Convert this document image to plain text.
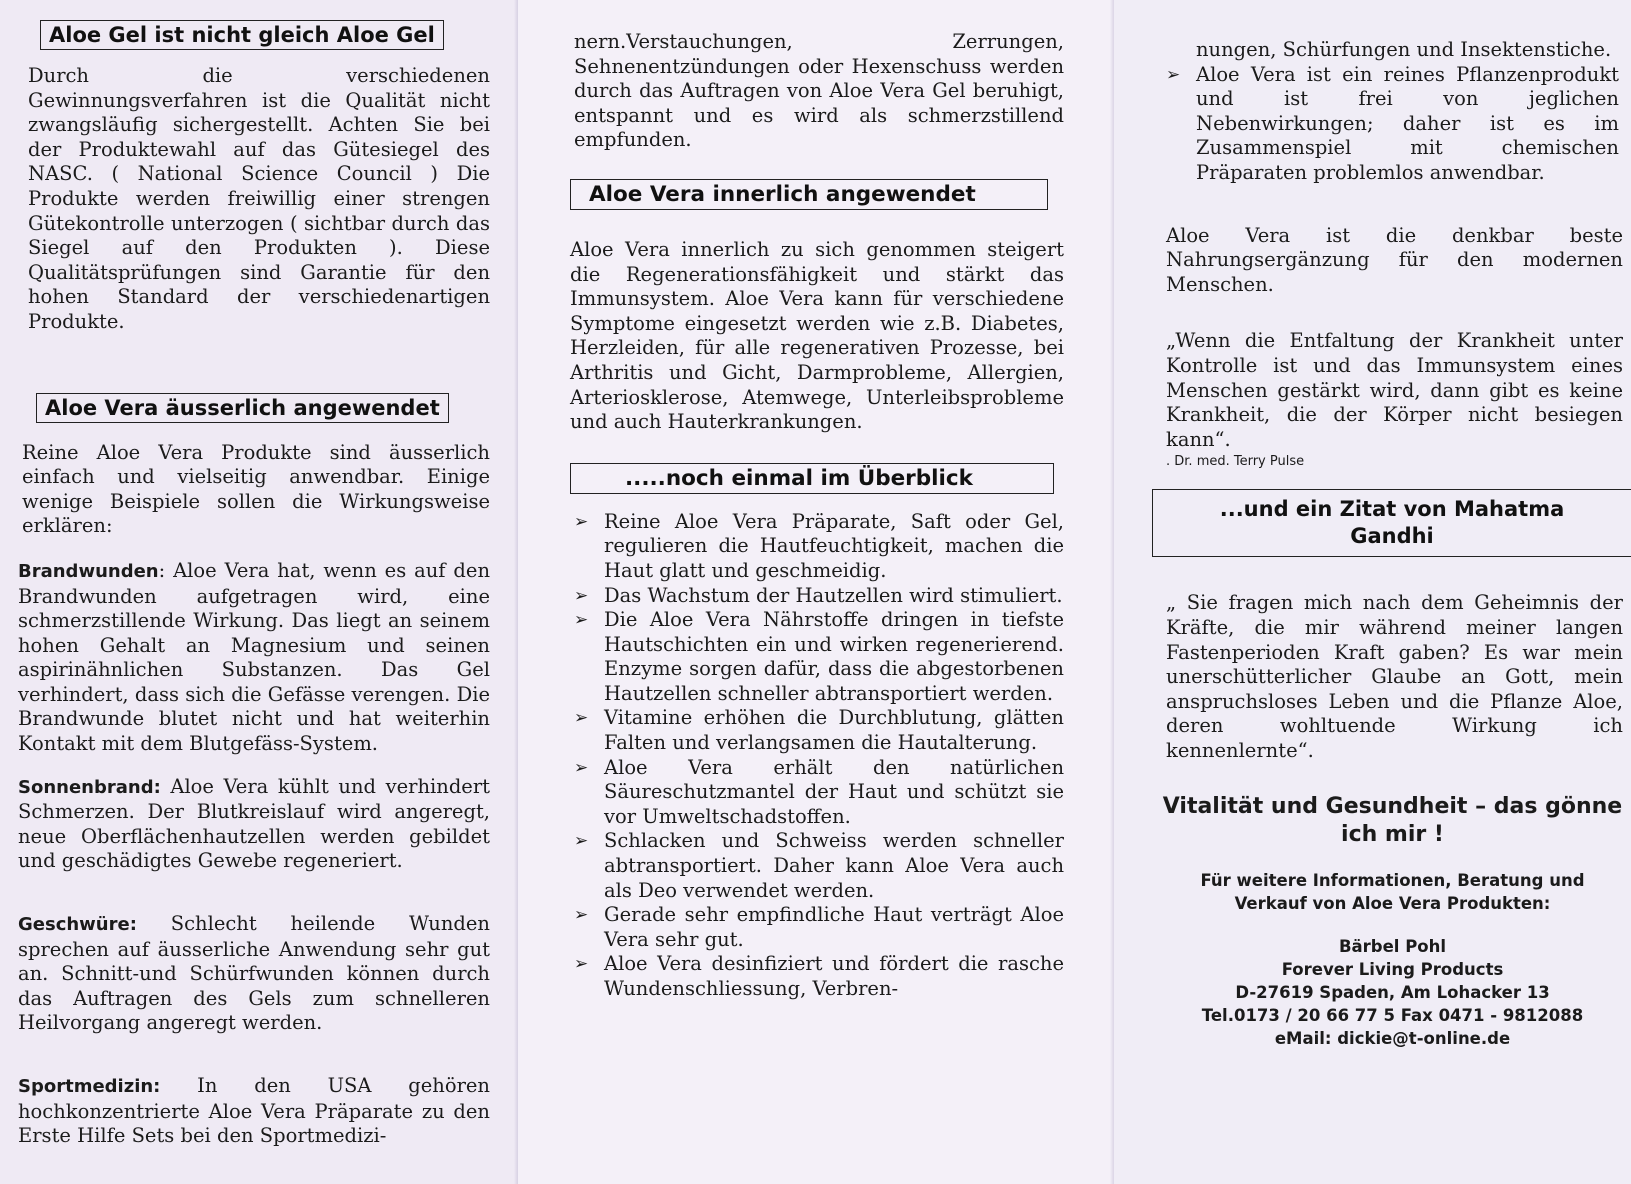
Aloe Gel ist nicht gleich Aloe Gel

Durch die verschiedenen Gewinnungsverfahren ist die Qualität nicht zwangsläufig sichergestellt. Achten Sie bei der Produktewahl auf das Gütesiegel des NASC. ( National Science Council ) Die Produkte werden freiwillig einer strengen Gütekontrolle unterzogen ( sichtbar durch das Siegel auf den Produkten ). Diese Qualitätsprüfungen sind Garantie für den hohen Standard der verschiedenartigen Produkte.

Aloe Vera äusserlich angewendet

Reine Aloe Vera Produkte sind äusserlich einfach und vielseitig anwendbar. Einige wenige Beispiele sollen die Wirkungsweise erklären:

Brandwunden: Aloe Vera hat, wenn es auf den Brandwunden aufgetragen wird, eine schmerzstillende Wirkung. Das liegt an seinem hohen Gehalt an Magnesium und seinen aspirinähnlichen Substanzen. Das Gel verhindert, dass sich die Gefässe verengen. Die Brandwunde blutet nicht und hat weiterhin Kontakt mit dem Blutgefäss-System.

Sonnenbrand: Aloe Vera kühlt und verhindert Schmerzen. Der Blutkreislauf wird angeregt, neue Oberflächenhautzellen werden gebildet und geschädigtes Gewebe regeneriert.

Geschwüre: Schlecht heilende Wunden sprechen auf äusserliche Anwendung sehr gut an. Schnitt-und Schürfwunden können durch das Auftragen des Gels zum schnelleren Heilvorgang angeregt werden.

Sportmedizin: In den USA gehören hochkonzentrierte Aloe Vera Präparate zu den Erste Hilfe Sets bei den Sportmedizi-

nern.Verstauchungen, Zerrungen, Sehnenentzündungen oder Hexenschuss werden durch das Auftragen von Aloe Vera Gel beruhigt, entspannt und es wird als schmerzstillend empfunden.

Aloe Vera innerlich angewendet

Aloe Vera innerlich zu sich genommen steigert die Regenerationsfähigkeit und stärkt das Immunsystem. Aloe Vera kann für verschiedene Symptome eingesetzt werden wie z.B. Diabetes, Herzleiden, für alle regenerativen Prozesse, bei Arthritis und Gicht, Darmprobleme, Allergien, Arteriosklerose, Atemwege, Unterleibsprobleme und auch Hauterkrankungen.

.....noch einmal im Überblick
➢ Reine Aloe Vera Präparate, Saft oder Gel, regulieren die Hautfeuchtigkeit, machen die Haut glatt und geschmeidig.
➢ Das Wachstum der Hautzellen wird stimuliert.
➢ Die Aloe Vera Nährstoffe dringen in tiefste Hautschichten ein und wirken regenerierend. Enzyme sorgen dafür, dass die abgestorbenen Hautzellen schneller abtransportiert werden.
➢ Vitamine erhöhen die Durchblutung, glätten Falten und verlangsamen die Hautalterung.
➢ Aloe Vera erhält den natürlichen Säureschutzmantel der Haut und schützt sie vor Umweltschadstoffen.
➢ Schlacken und Schweiss werden schneller abtransportiert. Daher kann Aloe Vera auch als Deo verwendet werden.
➢ Gerade sehr empfindliche Haut verträgt Aloe Vera sehr gut.
➢ Aloe Vera desinfiziert und fördert die rasche Wundenschliessung, Verbren-
nungen, Schürfungen und Insektenstiche.
➢ Aloe Vera ist ein reines Pflanzenprodukt und ist frei von jeglichen Nebenwirkungen; daher ist es im Zusammenspiel mit chemischen Präparaten problemlos anwendbar.

Aloe Vera ist die denkbar beste Nahrungsergänzung für den modernen Menschen.

„Wenn die Entfaltung der Krankheit unter Kontrolle ist und das Immunsystem eines Menschen gestärkt wird, dann gibt es keine Krankheit, die der Körper nicht besiegen kann“.

. Dr. med. Terry Pulse
...und ein Zitat von Mahatma Gandhi

„ Sie fragen mich nach dem Geheimnis der Kräfte, die mir während meiner langen Fastenperioden Kraft gaben? Es war mein unerschütterlicher Glaube an Gott, mein anspruchsloses Leben und die Pflanze Aloe, deren wohltuende Wirkung ich kennenlernte“.

Vitalität und Gesundheit – das gönne ich mir !
Für weitere Informationen, Beratung und Verkauf von Aloe Vera Produkten:
Bärbel Pohl
Forever Living Products
D-27619 Spaden, Am Lohacker 13
Tel.0173 / 20 66 77 5 Fax 0471 - 9812088
eMail: dickie@t-online.de
